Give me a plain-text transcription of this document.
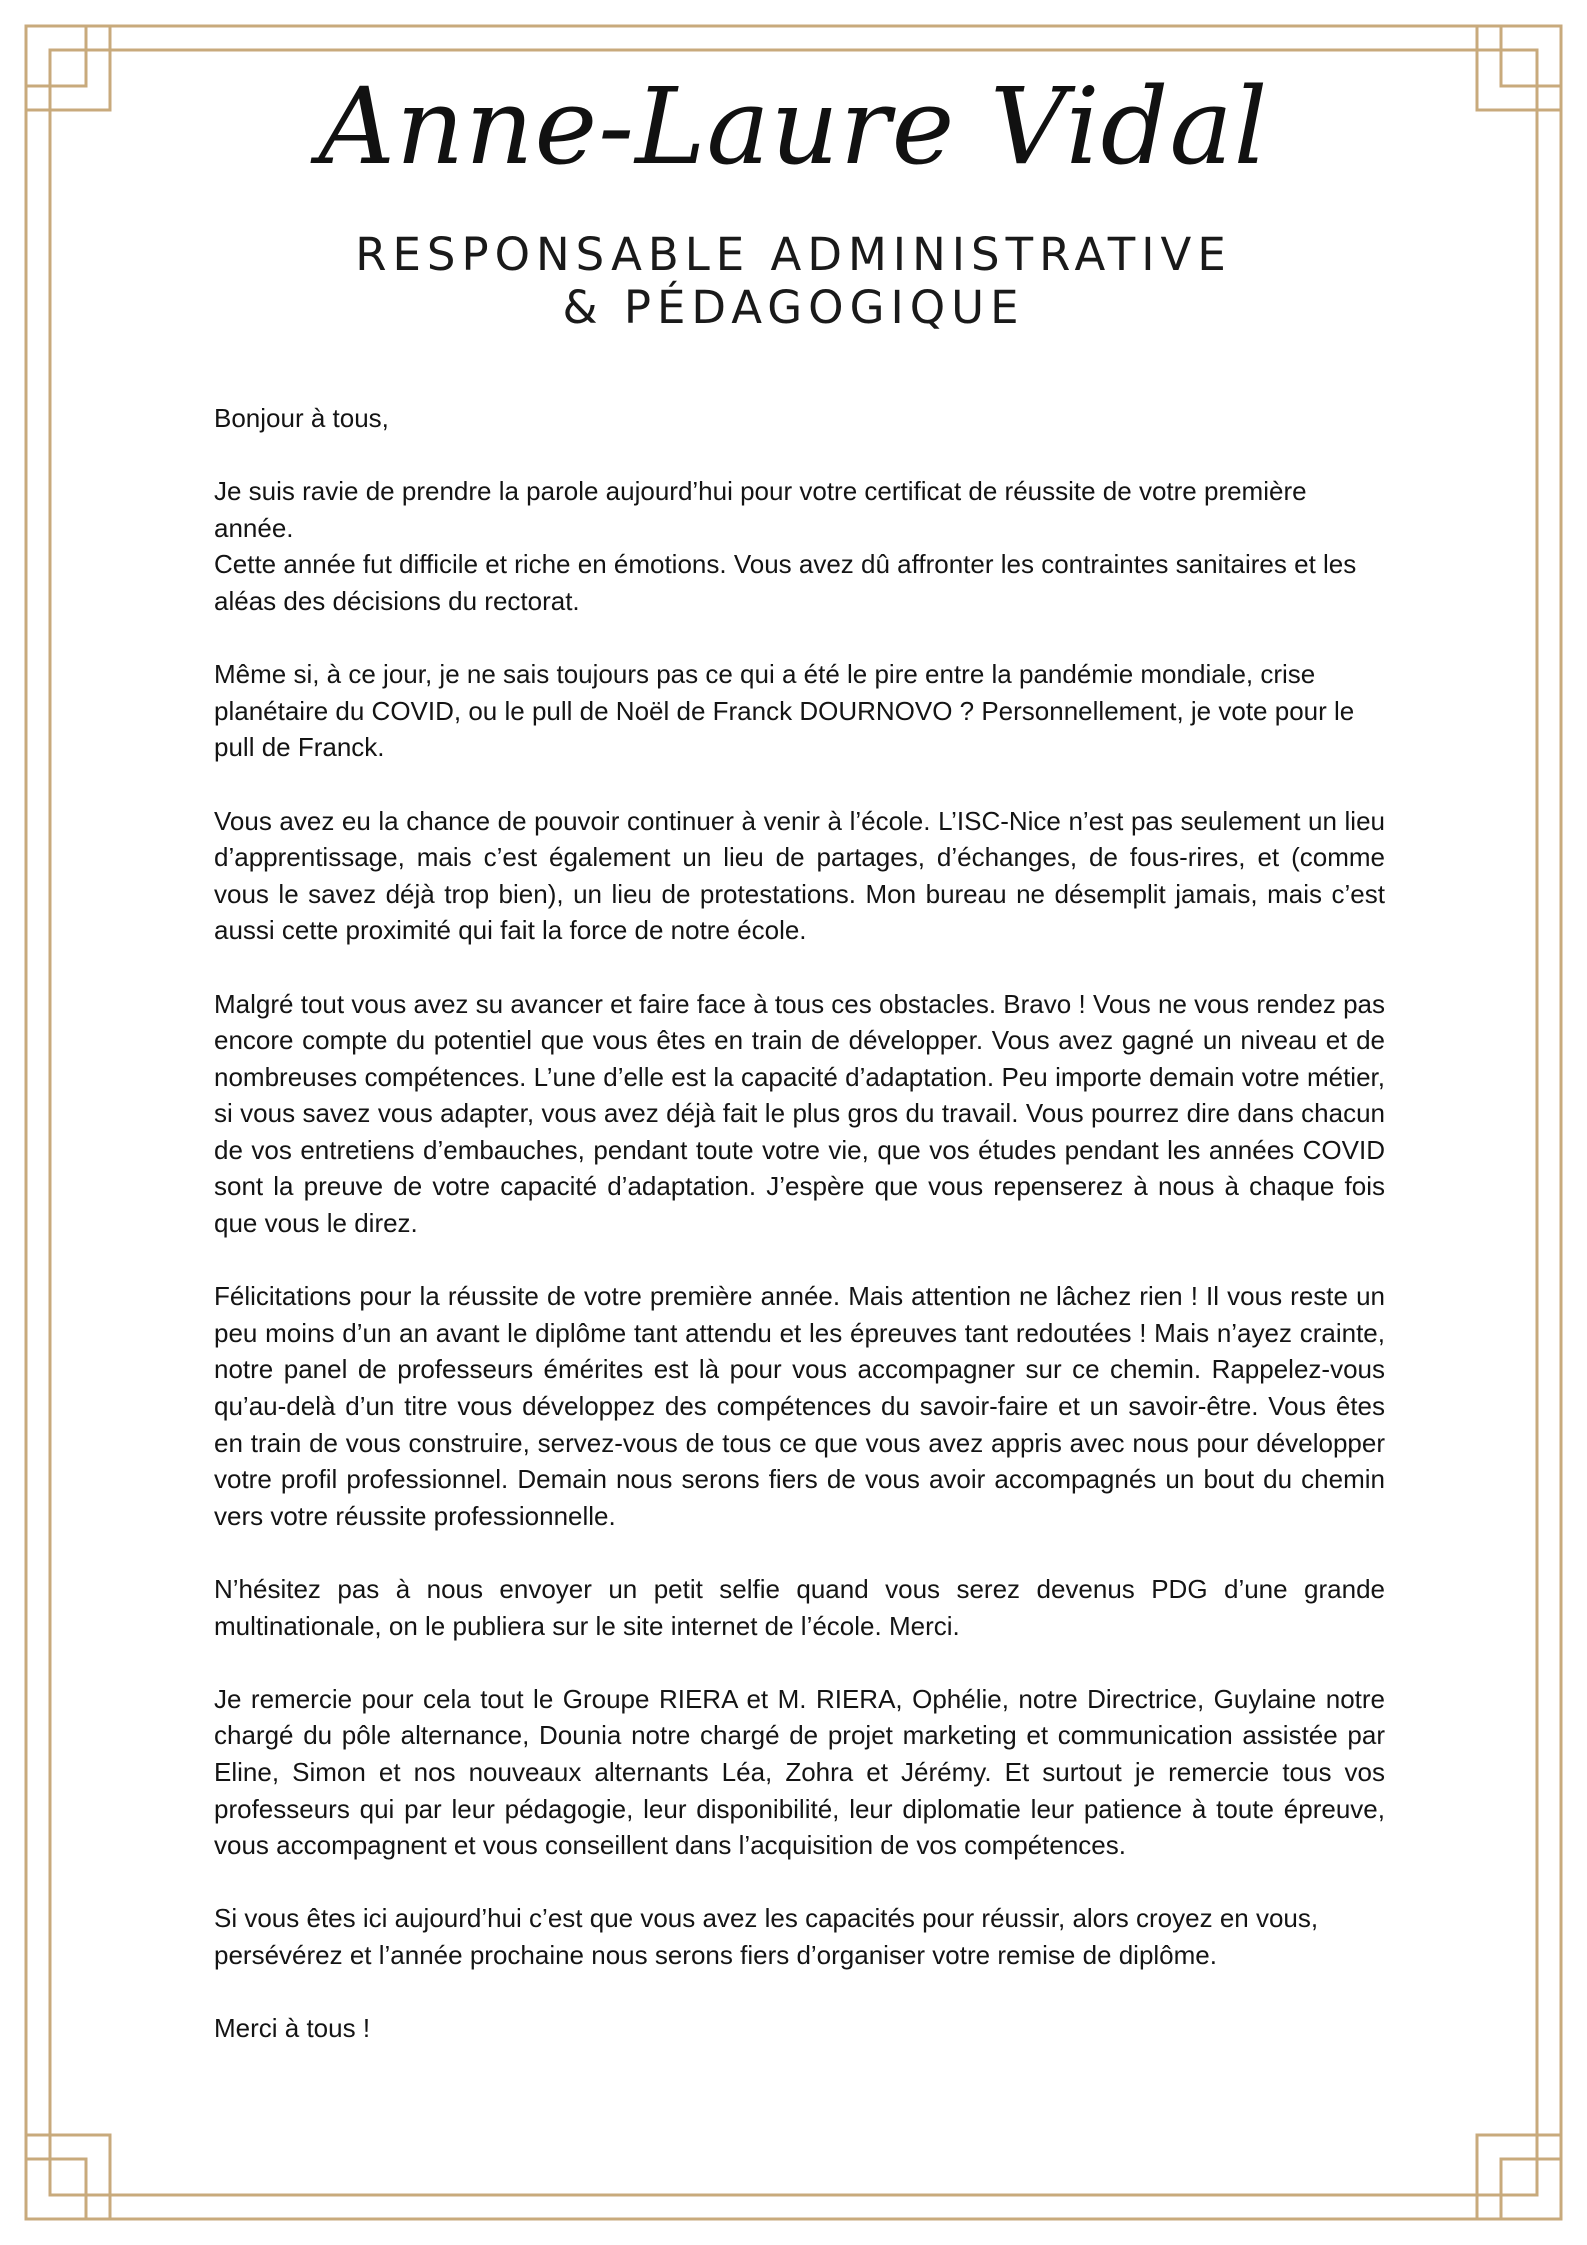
Anne-Laure Vidal
RESPONSABLE ADMINISTRATIVE
& PÉDAGOGIQUE

Bonjour à tous,

Je suis ravie de prendre la parole aujourd’hui pour votre certificat de réussite de votre première année.
Cette année fut difficile et riche en émotions. Vous avez dû affronter les contraintes sanitaires et les aléas des décisions du rectorat.

Même si, à ce jour, je ne sais toujours pas ce qui a été le pire entre la pandémie mondiale, crise planétaire du COVID, ou le pull de Noël de Franck DOURNOVO ? Personnellement, je vote pour le pull de Franck.

Vous avez eu la chance de pouvoir continuer à venir à l’école. L’ISC-Nice n’est pas seulement un lieu d’apprentissage, mais c’est également un lieu de partages, d’échanges, de fous-rires, et (comme vous le savez déjà trop bien), un lieu de protestations. Mon bureau ne désemplit jamais, mais c’est aussi cette proximité qui fait la force de notre école.

Malgré tout vous avez su avancer et faire face à tous ces obstacles. Bravo ! Vous ne vous rendez pas encore compte du potentiel que vous êtes en train de développer. Vous avez gagné un niveau et de nombreuses compétences. L’une d’elle est la capacité d’adaptation. Peu importe demain votre métier, si vous savez vous adapter, vous avez déjà fait le plus gros du travail. Vous pourrez dire dans chacun de vos entretiens d’embauches, pendant toute votre vie, que vos études pendant les années COVID sont la preuve de votre capacité d’adaptation. J’espère que vous repenserez à nous à chaque fois que vous le direz.

Félicitations pour la réussite de votre première année. Mais attention ne lâchez rien ! Il vous reste un peu moins d’un an avant le diplôme tant attendu et les épreuves tant redoutées ! Mais n’ayez crainte, notre panel de professeurs émérites est là pour vous accompagner sur ce chemin. Rappelez-vous qu’au-delà d’un titre vous développez des compétences du savoir-faire et un savoir-être. Vous êtes en train de vous construire, servez-vous de tous ce que vous avez appris avec nous pour développer votre profil professionnel. Demain nous serons fiers de vous avoir accompagnés un bout du chemin vers votre réussite professionnelle.

N’hésitez pas à nous envoyer un petit selfie quand vous serez devenus PDG d’une grande multinationale, on le publiera sur le site internet de l’école. Merci.

Je remercie pour cela tout le Groupe RIERA et M. RIERA, Ophélie, notre Directrice, Guylaine notre chargé du pôle alternance, Dounia notre chargé de projet marketing et communication assistée par Eline, Simon et nos nouveaux alternants Léa, Zohra et Jérémy. Et surtout je remercie tous vos professeurs qui par leur pédagogie, leur disponibilité, leur diplomatie leur patience à toute épreuve, vous accompagnent et vous conseillent dans l’acquisition de vos compétences.

Si vous êtes ici aujourd’hui c’est que vous avez les capacités pour réussir, alors croyez en vous, persévérez et l’année prochaine nous serons fiers d’organiser votre remise de diplôme.

Merci à tous !
